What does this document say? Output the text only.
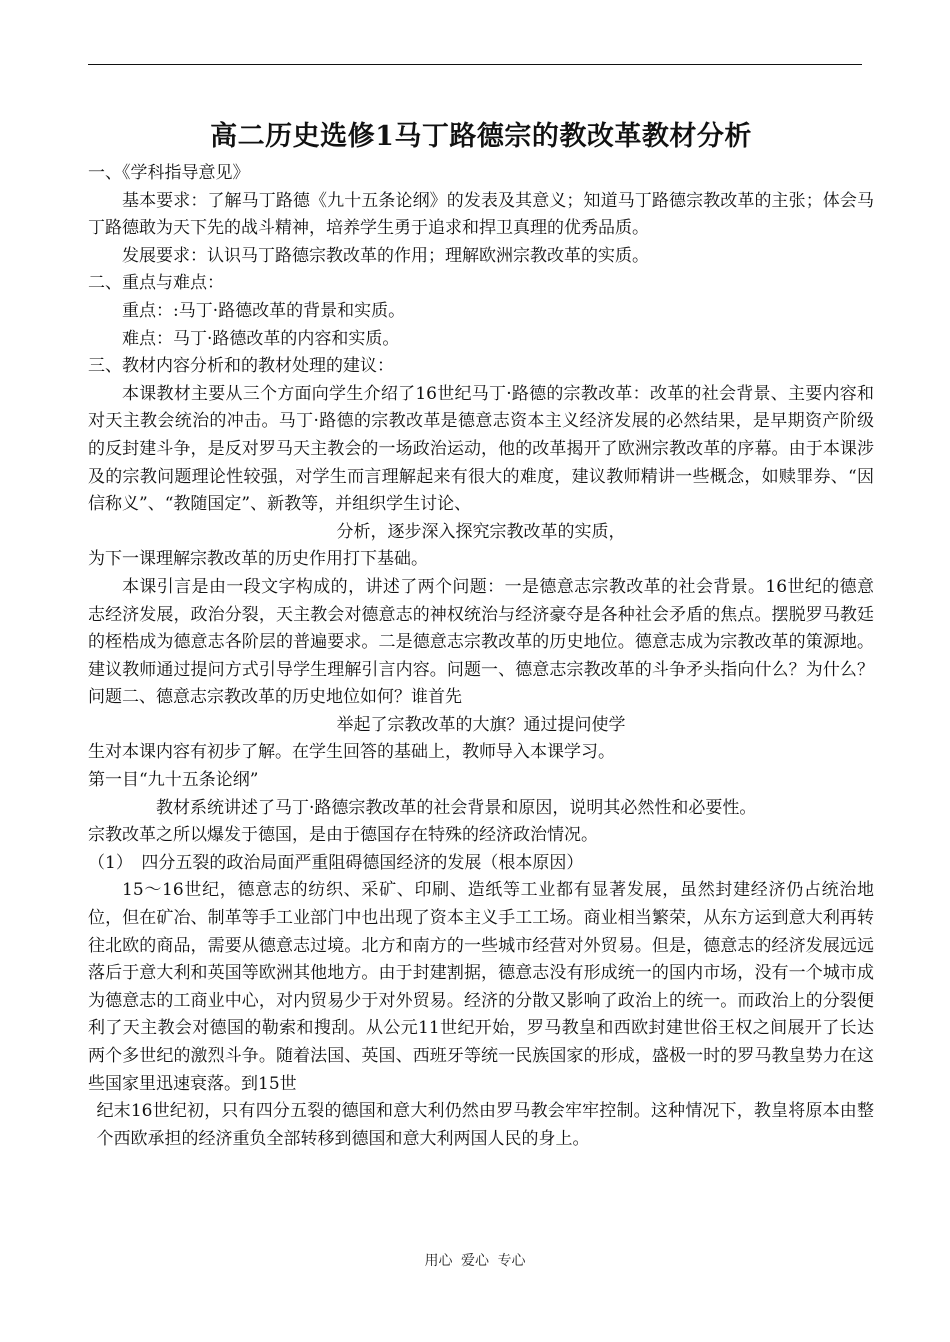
高二历史选修1马丁路德宗的教改革教材分析

一、《学科指导意见》

基本要求：了解马丁路德《九十五条论纲》的发表及其意义；知道马丁路德宗教改革的主张；体会马丁路德敢为天下先的战斗精神，培养学生勇于追求和捍卫真理的优秀品质。

发展要求：认识马丁路德宗教改革的作用；理解欧洲宗教改革的实质。

二、重点与难点：

重点：:马丁·路德改革的背景和实质。

难点：马丁·路德改革的内容和实质。

三、教材内容分析和的教材处理的建议：

本课教材主要从三个方面向学生介绍了16世纪马丁·路德的宗教改革：改革的社会背景、主要内容和对天主教会统治的冲击。马丁·路德的宗教改革是德意志资本主义经济发展的必然结果，是早期资产阶级的反封建斗争，是反对罗马天主教会的一场政治运动，他的改革揭开了欧洲宗教改革的序幕。由于本课涉及的宗教问题理论性较强，对学生而言理解起来有很大的难度，建议教师精讲一些概念，如赎罪券、“因信称义”、“教随国定”、新教等，并组织学生讨论、

分析，逐步深入探究宗教改革的实质，

为下一课理解宗教改革的历史作用打下基础。

本课引言是由一段文字构成的，讲述了两个问题：一是德意志宗教改革的社会背景。16世纪的德意志经济发展，政治分裂，天主教会对德意志的神权统治与经济豪夺是各种社会矛盾的焦点。摆脱罗马教廷的桎梏成为德意志各阶层的普遍要求。二是德意志宗教改革的历史地位。德意志成为宗教改革的策源地。建议教师通过提问方式引导学生理解引言内容。问题一、德意志宗教改革的斗争矛头指向什么？为什么？问题二、德意志宗教改革的历史地位如何？谁首先

举起了宗教改革的大旗？通过提问使学

生对本课内容有初步了解。在学生回答的基础上，教师导入本课学习。

第一目“九十五条论纲”

教材系统讲述了马丁·路德宗教改革的社会背景和原因，说明其必然性和必要性。

宗教改革之所以爆发于德国，是由于德国存在特殊的经济政治情况。

（1）　四分五裂的政治局面严重阻碍德国经济的发展（根本原因）

15～16世纪，德意志的纺织、采矿、印刷、造纸等工业都有显著发展，虽然封建经济仍占统治地位，但在矿冶、制革等手工业部门中也出现了资本主义手工工场。商业相当繁荣，从东方运到意大利再转往北欧的商品，需要从德意志过境。北方和南方的一些城市经营对外贸易。但是，德意志的经济发展远远落后于意大利和英国等欧洲其他地方。由于封建割据，德意志没有形成统一的国内市场，没有一个城市成为德意志的工商业中心，对内贸易少于对外贸易。经济的分散又影响了政治上的统一。而政治上的分裂便利了天主教会对德国的勒索和搜刮。从公元11世纪开始，罗马教皇和西欧封建世俗王权之间展开了长达两个多世纪的激烈斗争。随着法国、英国、西班牙等统一民族国家的形成，盛极一时的罗马教皇势力在这些国家里迅速衰落。到15世

纪末16世纪初，只有四分五裂的德国和意大利仍然由罗马教会牢牢控制。这种情况下，教皇将原本由整个西欧承担的经济重负全部转移到德国和意大利两国人民的身上。

用心 爱心 专心
